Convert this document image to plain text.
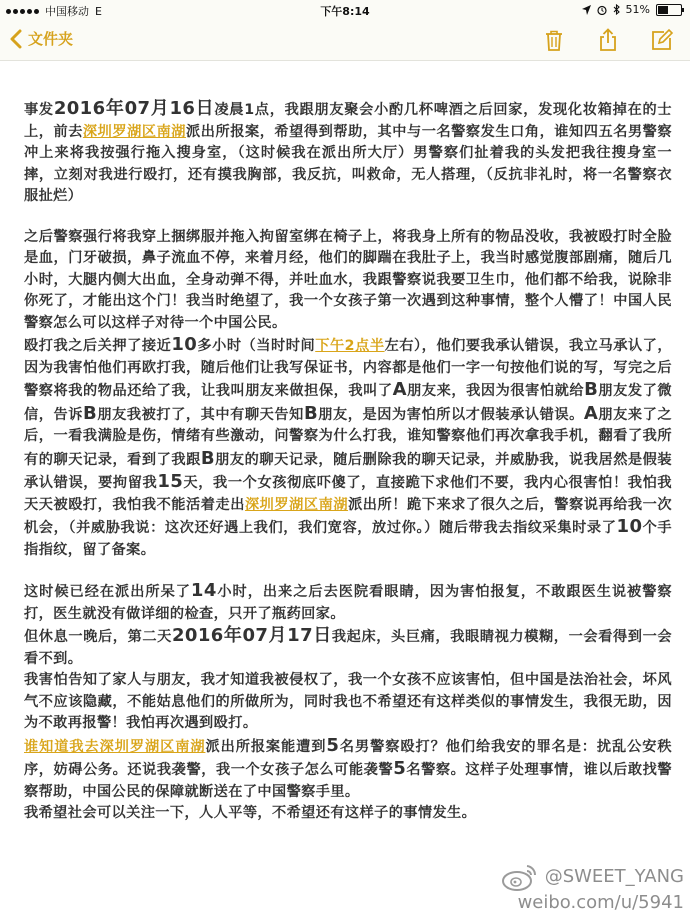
中国移动 E	下午8:14	51%
文件夹

事发2016年07月16日凌晨1点，我跟朋友聚会小酌几杯啤酒之后回家，发现化妆箱掉在的士上，前去深圳罗湖区南湖派出所报案，希望得到帮助，其中与一名警察发生口角，谁知四五名男警察冲上来将我按强行拖入搜身室，（这时候我在派出所大厅）男警察们扯着我的头发把我往搜身室一摔，立刻对我进行殴打，还有摸我胸部，我反抗，叫救命，无人搭理，（反抗非礼时，将一名警察衣服扯烂）

之后警察强行将我穿上捆绑服并拖入拘留室绑在椅子上，将我身上所有的物品没收，我被殴打时全脸是血，门牙破损，鼻子流血不停，来着月经，他们的脚踹在我肚子上，我当时感觉腹部剧痛，随后几小时，大腿内侧大出血，全身动弹不得，并吐血水，我跟警察说我要卫生巾，他们都不给我，说除非你死了，才能出这个门！我当时绝望了，我一个女孩子第一次遇到这种事情，整个人懵了！中国人民警察怎么可以这样子对待一个中国公民。

殴打我之后关押了接近10多小时（当时时间下午2点半左右），他们要我承认错误，我立马承认了，因为我害怕他们再欧打我，随后他们让我写保证书，内容都是他们一字一句按他们说的写，写完之后警察将我的物品还给了我，让我叫朋友来做担保，我叫了A朋友来，我因为很害怕就给B朋友发了微信，告诉B朋友我被打了，其中有聊天告知B朋友，是因为害怕所以才假装承认错误。A朋友来了之后，一看我满脸是伤，情绪有些激动，问警察为什么打我，谁知警察他们再次拿我手机，翻看了我所有的聊天记录，看到了我跟B朋友的聊天记录，随后删除我的聊天记录，并威胁我，说我居然是假装承认错误，要拘留我15天，我一个女孩彻底吓傻了，直接跪下求他们不要，我内心很害怕！我怕我天天被殴打，我怕我不能活着走出深圳罗湖区南湖派出所！跪下来求了很久之后，警察说再给我一次机会，（并威胁我说：这次还好遇上我们，我们宽容，放过你。）随后带我去指纹采集时录了10个手指指纹，留了备案。

这时候已经在派出所呆了14小时，出来之后去医院看眼睛，因为害怕报复，不敢跟医生说被警察打，医生就没有做详细的检查，只开了瓶药回家。

但休息一晚后，第二天2016年07月17日我起床，头巨痛，我眼睛视力模糊，一会看得到一会看不到。

我害怕告知了家人与朋友，我才知道我被侵权了，我一个女孩不应该害怕，但中国是法治社会，坏风气不应该隐藏，不能姑息他们的所做所为，同时我也不希望还有这样类似的事情发生，我很无助，因为不敢再报警！我怕再次遇到殴打。

谁知道我去深圳罗湖区南湖派出所报案能遭到5名男警察殴打？他们给我安的罪名是：扰乱公安秩序，妨碍公务。还说我袭警，我一个女孩子怎么可能袭警5名警察。这样子处理事情，谁以后敢找警察帮助，中国公民的保障就断送在了中国警察手里。

我希望社会可以关注一下，人人平等，不希望还有这样子的事情发生。

@SWEET_YANG
weibo.com/u/5941
